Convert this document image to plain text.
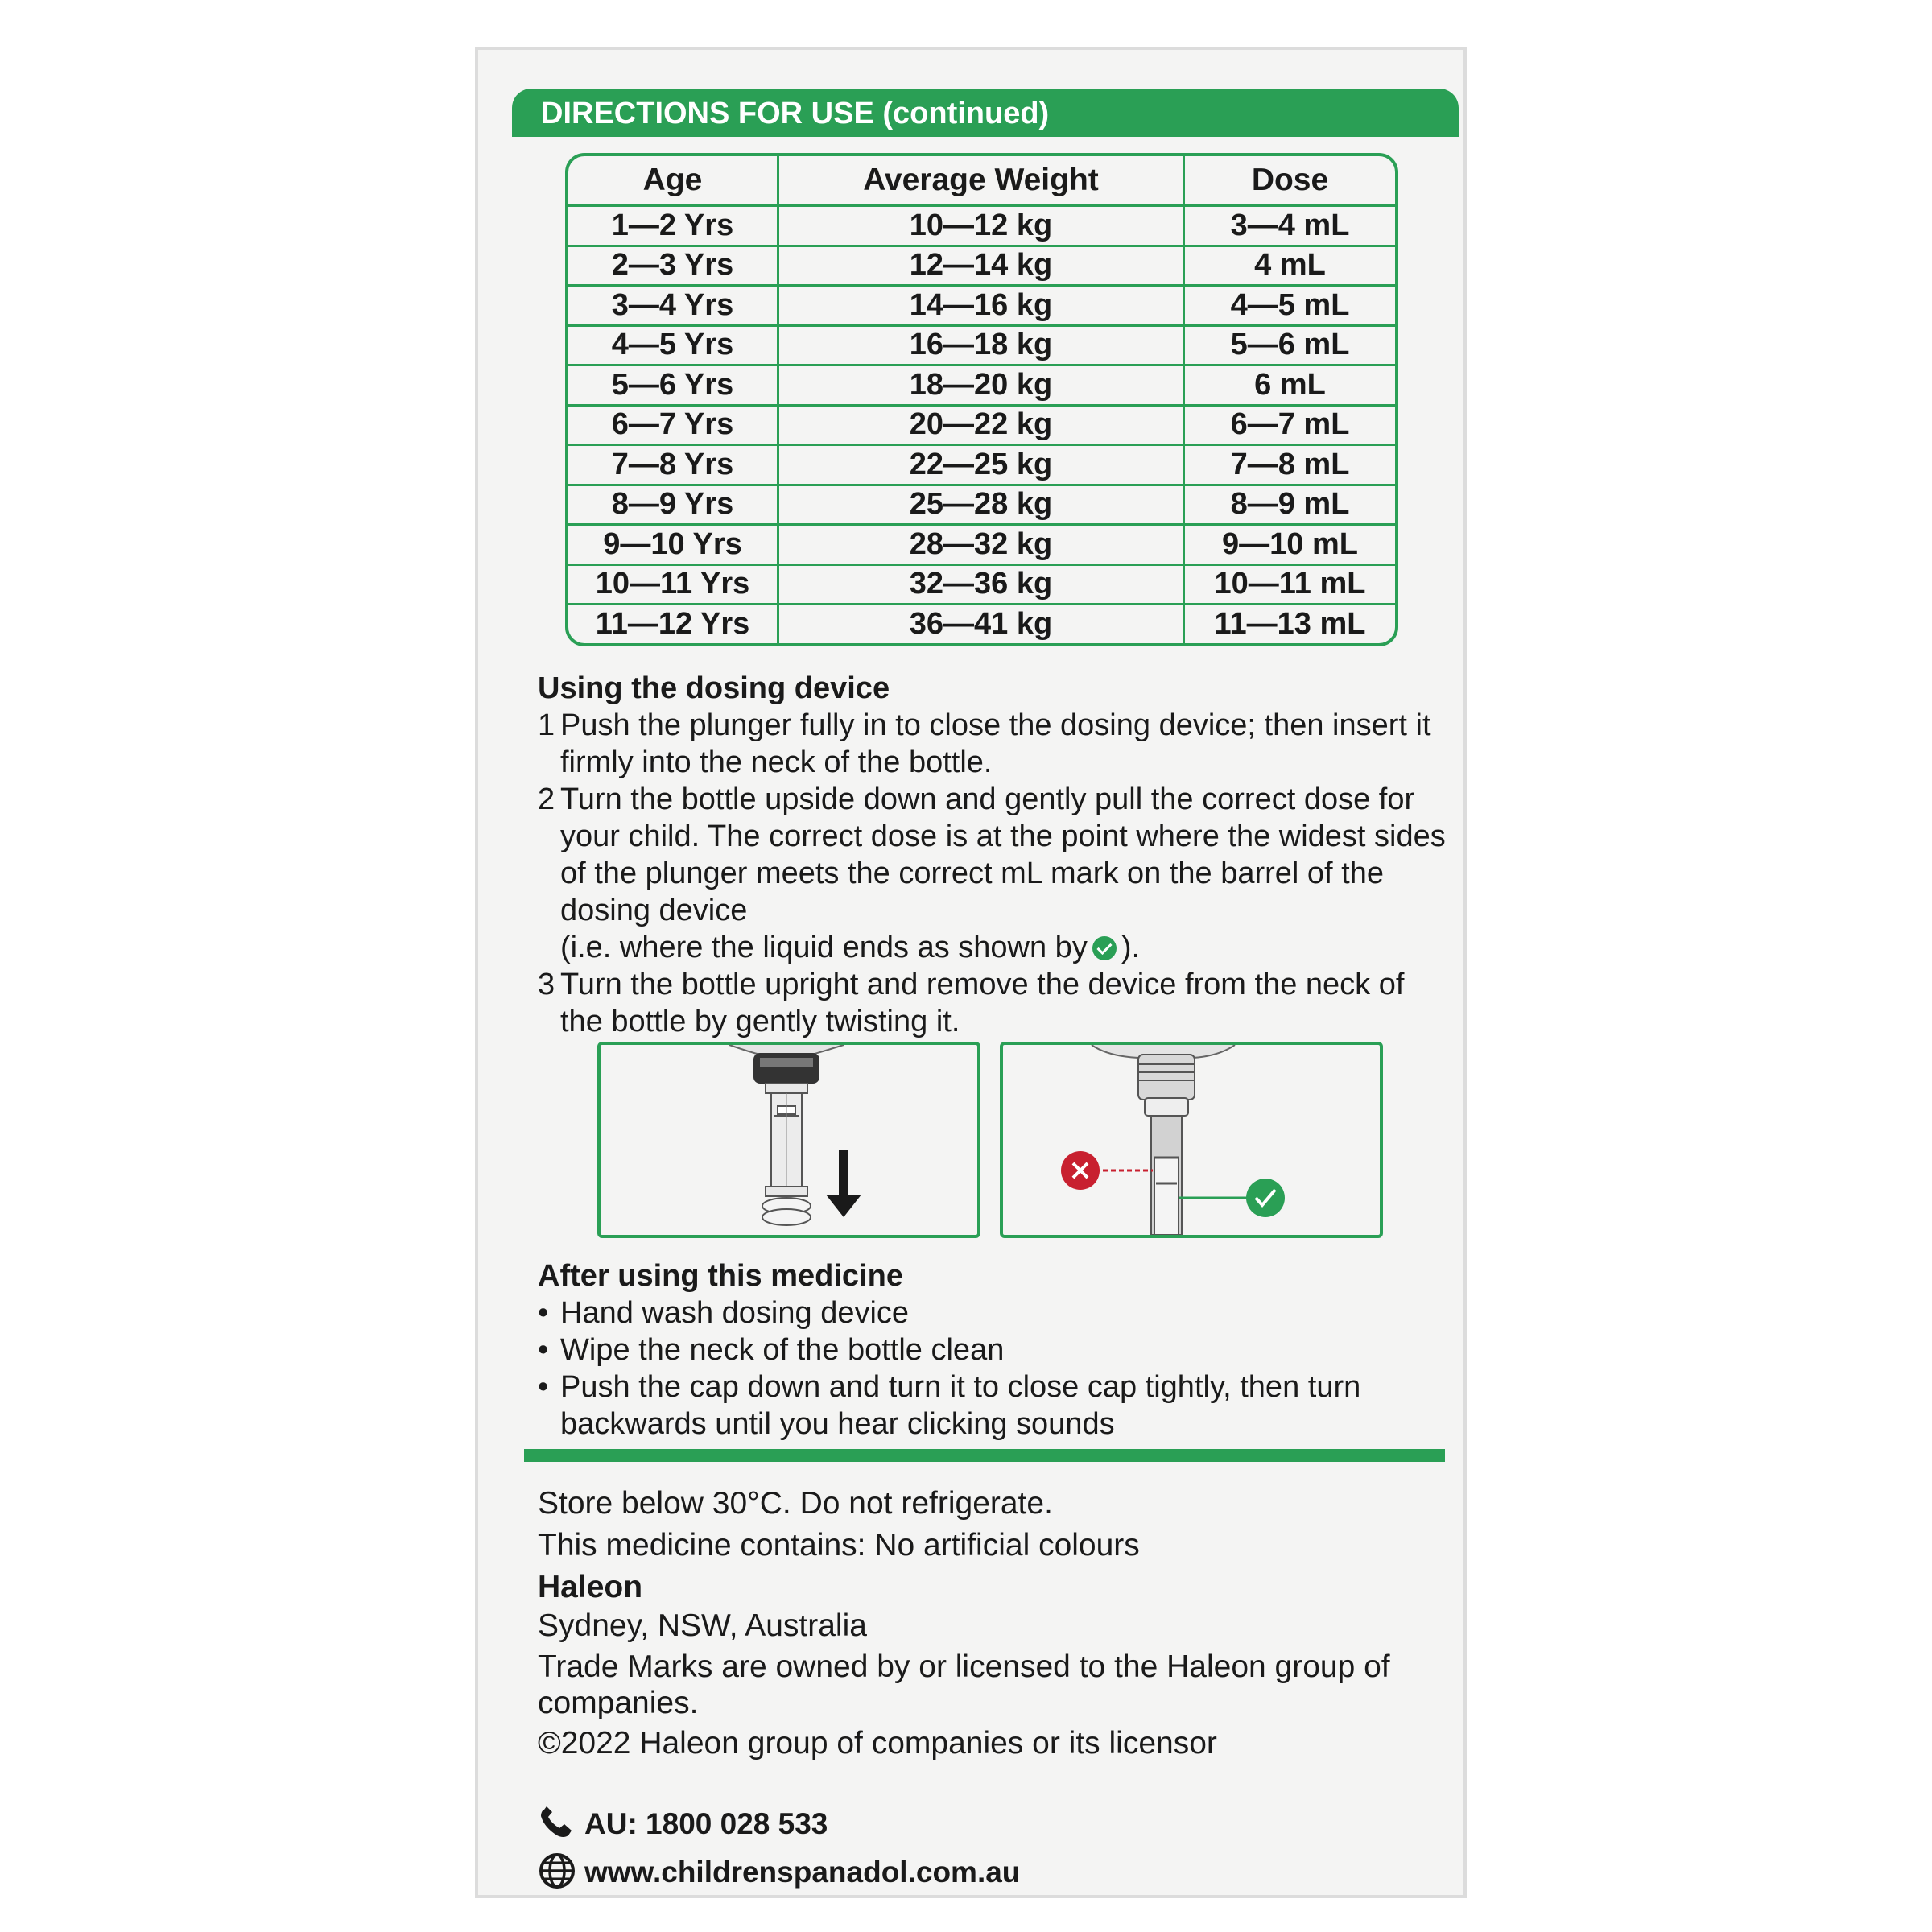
DIRECTIONS FOR USE (continued)
Age	Average Weight	Dose
1—2 Yrs	10—12 kg	3—4 mL
2—3 Yrs	12—14 kg	4 mL
3—4 Yrs	14—16 kg	4—5 mL
4—5 Yrs	16—18 kg	5—6 mL
5—6 Yrs	18—20 kg	6 mL
6—7 Yrs	20—22 kg	6—7 mL
7—8 Yrs	22—25 kg	7—8 mL
8—9 Yrs	25—28 kg	8—9 mL
9—10 Yrs	28—32 kg	9—10 mL
10—11 Yrs	32—36 kg	10—11 mL
11—12 Yrs	36—41 kg	11—13 mL
Using the dosing device
1 Push the plunger fully in to close the dosing device; then insert it firmly into the neck of the bottle.
2 Turn the bottle upside down and gently pull the correct dose for your child. The correct dose is at the point where the widest sides of the plunger meets the correct mL mark on the barrel of the dosing device
(i.e. where the liquid ends as shown by ).
3 Turn the bottle upright and remove the device from the neck of the bottle by gently twisting it.
After using this medicine
• Hand wash dosing device
• Wipe the neck of the bottle clean
• Push the cap down and turn it to close cap tightly, then turn backwards until you hear clicking sounds
Store below 30°C. Do not refrigerate.
This medicine contains: No artificial colours
Haleon
Sydney, NSW, Australia
Trade Marks are owned by or licensed to the Haleon group of companies.
©2022 Haleon group of companies or its licensor
AU: 1800 028 533
www.childrenspanadol.com.au
